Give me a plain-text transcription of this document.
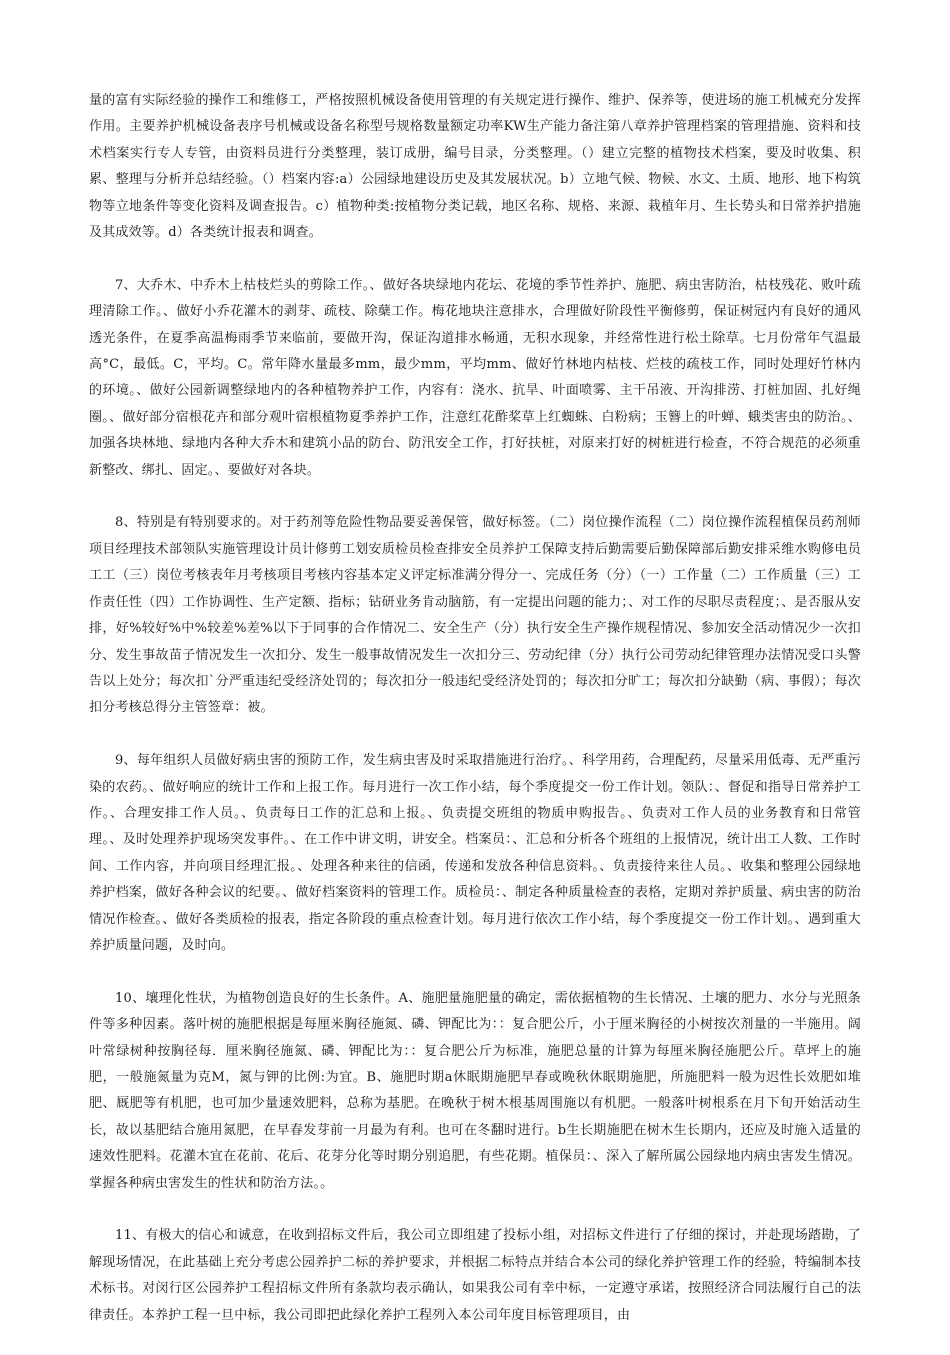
量的富有实际经验的操作工和维修工，严格按照机械设备使用管理的有关规定进行操作、维护、保养等，使进场的施工机械充分发挥作用。主要养护机械设备表序号机械或设备名称型号规格数量额定功率KW生产能力备注第八章养护管理档案的管理措施、资料和技术档案实行专人专管，由资料员进行分类整理，装订成册，编号目录，分类整理。（）建立完整的植物技术档案，要及时收集、积累、整理与分析并总结经验。（）档案内容:a）公园绿地建设历史及其发展状况。b）立地气候、物候、水文、土质、地形、地下构筑物等立地条件等变化资料及调查报告。c）植物种类:按植物分类记载，地区名称、规格、来源、栽植年月、生长势头和日常养护措施及其成效等。d）各类统计报表和调查。

7、大乔木、中乔木上枯枝烂头的剪除工作。、做好各块绿地内花坛、花境的季节性养护、施肥、病虫害防治，枯枝残花、败叶疏理清除工作。、做好小乔花灌木的剥芽、疏枝、除蘖工作。梅花地块注意排水，合理做好阶段性平衡修剪，保证树冠内有良好的通风透光条件，在夏季高温梅雨季节来临前，要做开沟，保证沟道排水畅通，无积水现象，并经常性进行松土除草。七月份常年气温最高°C，最低。C，平均。C。常年降水量最多mm，最少mm，平均mm、做好竹林地内枯枝、烂枝的疏枝工作，同时处理好竹林内的环境。、做好公园新调整绿地内的各种植物养护工作，内容有：浇水、抗旱、叶面喷雾、主干吊液、开沟排涝、打桩加固、扎好绳圈。、做好部分宿根花卉和部分观叶宿根植物夏季养护工作，注意红花酢桨草上红蜘蛛、白粉病；玉簪上的叶蝉、蛾类害虫的防治。、加强各块林地、绿地内各种大乔木和建筑小品的防台、防汛安全工作，打好扶桩，对原来打好的树桩进行检查，不符合规范的必须重新整改、绑扎、固定。、要做好对各块。

8、特别是有特别要求的。对于药剂等危险性物品要妥善保管，做好标签。（二）岗位操作流程（二）岗位操作流程植保员药剂师项目经理技术部领队实施管理设计员计修剪工划安质检员检查排安全员养护工保障支持后勤需要后勤保障部后勤安排采维水购修电员工工（三）岗位考核表年月考核项目考核内容基本定义评定标准满分得分一、完成任务（分）（一）工作量（二）工作质量（三）工作责任性（四）工作协调性、生产定额、指标；钻研业务肯动脑筋，有一定提出问题的能力；、对工作的尽职尽责程度；、是否服从安排，好%较好%中%较差%差%以下于同事的合作情况二、安全生产（分）执行安全生产操作规程情况、参加安全活动情况少一次扣分、发生事故苗子情况发生一次扣分、发生一般事故情况发生一次扣分三、劳动纪律（分）执行公司劳动纪律管理办法情况受口头警告以上处分；每次扣`分严重违纪受经济处罚的；每次扣分一般违纪受经济处罚的；每次扣分旷工；每次扣分缺勤（病、事假）；每次扣分考核总得分主管签章：被。

9、每年组织人员做好病虫害的预防工作，发生病虫害及时采取措施进行治疗。、科学用药，合理配药，尽量采用低毒、无严重污染的农药。、做好响应的统计工作和上报工作。每月进行一次工作小结，每个季度提交一份工作计划。领队：、督促和指导日常养护工作。、合理安排工作人员。、负责每日工作的汇总和上报。、负责提交班组的物质申购报告。、负责对工作人员的业务教育和日常管理。、及时处理养护现场突发事件。、在工作中讲文明，讲安全。档案员：、汇总和分析各个班组的上报情况，统计出工人数、工作时间、工作内容，并向项目经理汇报。、处理各种来往的信函，传递和发放各种信息资料。、负责接待来往人员。、收集和整理公园绿地养护档案，做好各种会议的纪要。、做好档案资料的管理工作。质检员：、制定各种质量检查的表格，定期对养护质量、病虫害的防治情况作检查。、做好各类质检的报表，指定各阶段的重点检查计划。每月进行依次工作小结，每个季度提交一份工作计划。、遇到重大养护质量问题，及时向。

10、壤理化性状，为植物创造良好的生长条件。A、施肥量施肥量的确定，需依据植物的生长情况、土壤的肥力、水分与光照条件等多种因素。落叶树的施肥根据是每厘米胸径施氮、磷、钾配比为：：复合肥公斤，小于厘米胸径的小树按次剂量的一半施用。阔叶常绿树种按胸径每．厘米胸径施氮、磷、钾配比为：：复合肥公斤为标准，施肥总量的计算为每厘米胸径施肥公斤。草坪上的施肥，一般施氮量为克M，氮与钾的比例:为宜。B、施肥时期a休眠期施肥早春或晚秋休眠期施肥，所施肥料一般为迟性长效肥如堆肥、厩肥等有机肥，也可加少量速效肥料，总称为基肥。在晚秋于树木根基周围施以有机肥。一般落叶树根系在月下旬开始活动生长，故以基肥结合施用氮肥，在早春发芽前一月最为有利。也可在冬翻时进行。b生长期施肥在树木生长期内，还应及时施入适量的速效性肥料。花灌木宜在花前、花后、花芽分化等时期分别追肥，有些花期。植保员：、深入了解所属公园绿地内病虫害发生情况。掌握各种病虫害发生的性状和防治方法。。

11、有极大的信心和诚意，在收到招标文件后，我公司立即组建了投标小组，对招标文件进行了仔细的探讨，并赴现场踏勘，了解现场情况，在此基础上充分考虑公园养护二标的养护要求，并根据二标特点并结合本公司的绿化养护管理工作的经验，特编制本技术标书。对闵行区公园养护工程招标文件所有条款均表示确认，如果我公司有幸中标，一定遵守承诺，按照经济合同法履行自己的法律责任。本养护工程一旦中标，我公司即把此绿化养护工程列入本公司年度目标管理项目，由
